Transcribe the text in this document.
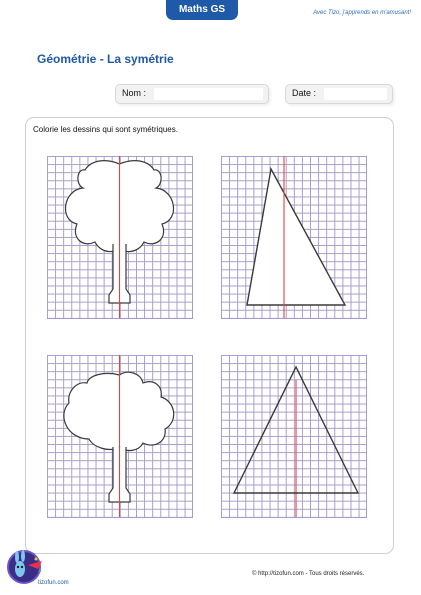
Maths GS	Avec Tizo, j'apprends en m'amusant!
Géométrie - La symétrie
Nom :	Date :
Colorie les dessins qui sont symétriques.
tizofun.com
© http://tizofun.com - Tous droits réservés.
